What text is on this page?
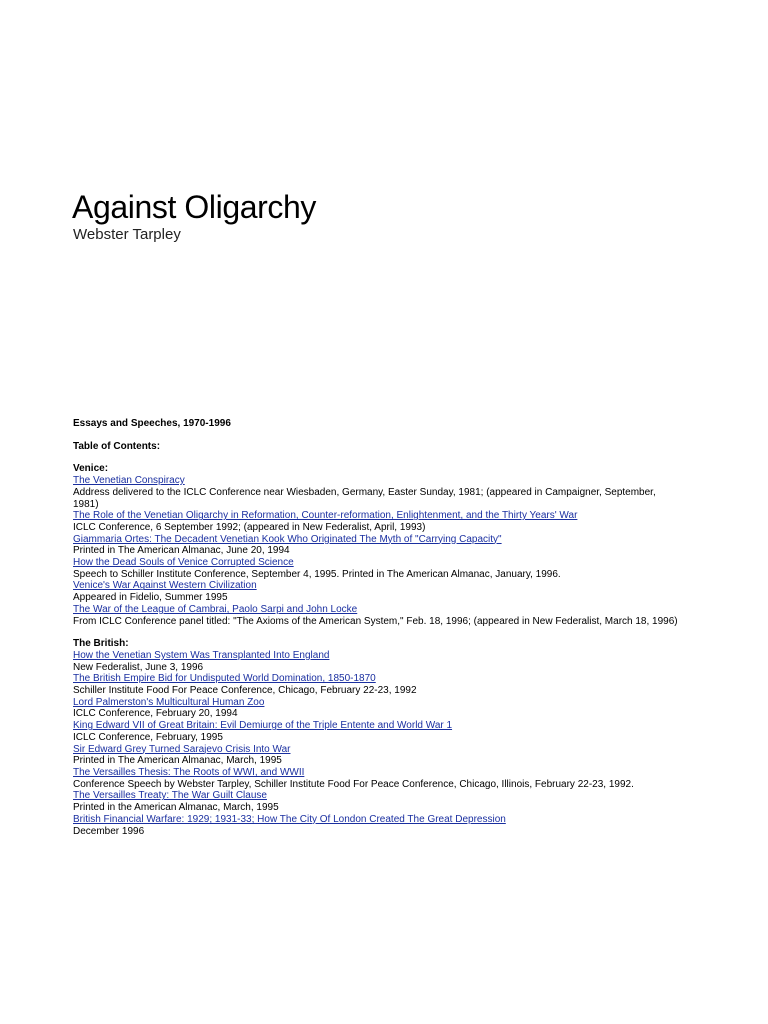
Against Oligarchy
Webster Tarpley
Essays and Speeches, 1970-1996
Table of Contents:
Venice:
The Venetian Conspiracy
Address delivered to the ICLC Conference near Wiesbaden, Germany, Easter Sunday, 1981; (appeared in Campaigner, September, 1981)
The Role of the Venetian Oligarchy in Reformation, Counter-reformation, Enlightenment, and the Thirty Years' War
ICLC Conference, 6 September 1992; (appeared in New Federalist, April, 1993)
Giammaria Ortes: The Decadent Venetian Kook Who Originated The Myth of "Carrying Capacity"
Printed in The American Almanac, June 20, 1994
How the Dead Souls of Venice Corrupted Science
Speech to Schiller Institute Conference, September 4, 1995. Printed in The American Almanac, January, 1996.
Venice's War Against Western Civilization
Appeared in Fidelio, Summer 1995
The War of the League of Cambrai, Paolo Sarpi and John Locke
From ICLC Conference panel titled: "The Axioms of the American System," Feb. 18, 1996; (appeared in New Federalist, March 18, 1996)
The British:
How the Venetian System Was Transplanted Into England
New Federalist, June 3, 1996
The British Empire Bid for Undisputed World Domination, 1850-1870
Schiller Institute Food For Peace Conference, Chicago, February 22-23, 1992
Lord Palmerston's Multicultural Human Zoo
ICLC Conference, February 20, 1994
King Edward VII of Great Britain: Evil Demiurge of the Triple Entente and World War 1
ICLC Conference, February, 1995
Sir Edward Grey Turned Sarajevo Crisis Into War
Printed in The American Almanac, March, 1995
The Versailles Thesis: The Roots of WWI, and WWII
Conference Speech by Webster Tarpley, Schiller Institute Food For Peace Conference, Chicago, Illinois, February 22-23, 1992.
The Versailles Treaty: The War Guilt Clause
Printed in the American Almanac, March, 1995
British Financial Warfare: 1929; 1931-33; How The City Of London Created The Great Depression
December 1996
